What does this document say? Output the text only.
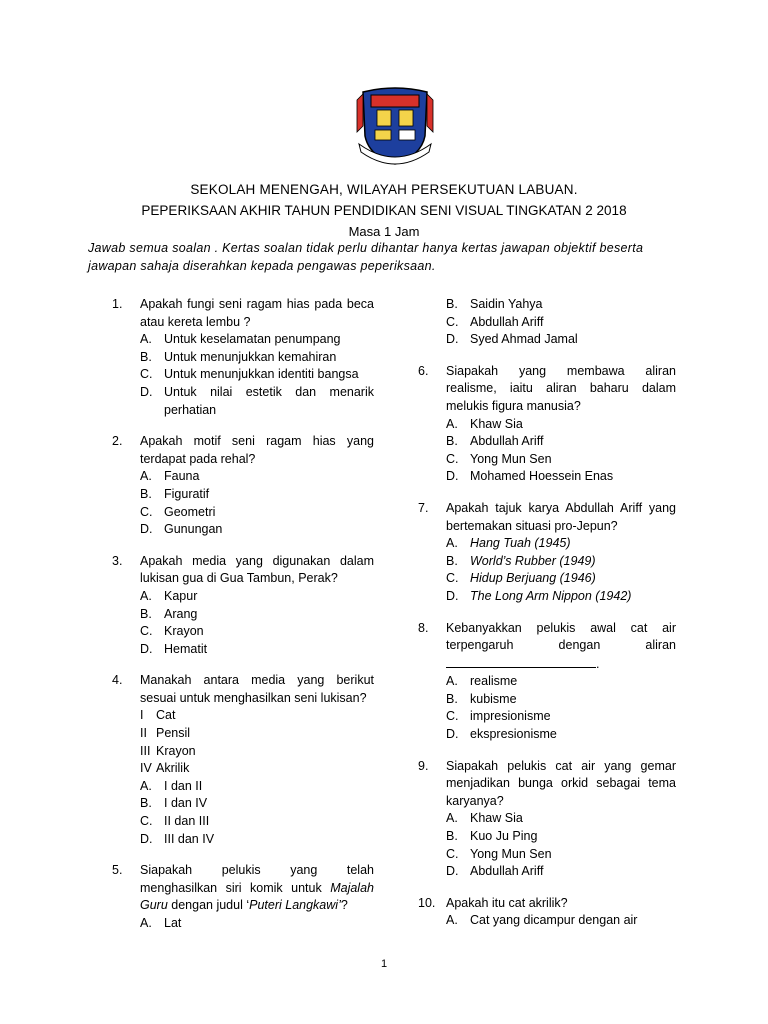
SEKOLAH MENENGAH, WILAYAH PERSEKUTUAN LABUAN.
PEPERIKSAAN AKHIR TAHUN PENDIDIKAN SENI VISUAL TINGKATAN 2 2018
Masa 1 Jam
Jawab semua soalan . Kertas soalan tidak perlu dihantar hanya kertas jawapan objektif beserta jawapan sahaja diserahkan kepada pengawas peperiksaan.
1. Apakah fungi seni ragam hias pada beca atau kereta lembu ?
A. Untuk keselamatan penumpang
B. Untuk menunjukkan kemahiran
C. Untuk menunjukkan identiti bangsa
D. Untuk nilai estetik dan menarik perhatian
2. Apakah motif seni ragam hias yang terdapat pada rehal?
A. Fauna
B. Figuratif
C. Geometri
D. Gunungan
3. Apakah media yang digunakan dalam lukisan gua di Gua Tambun, Perak?
A. Kapur
B. Arang
C. Krayon
D. Hematit
4. Manakah antara media yang berikut sesuai untuk menghasilkan seni lukisan?
I Cat
II Pensil
III Krayon
IV Akrilik
A. I dan II
B. I dan IV
C. II dan III
D. III dan IV
5. Siapakah pelukis yang telah menghasilkan siri komik untuk Majalah Guru dengan judul ‘Puteri Langkawi’?
A. Lat
B. Saidin Yahya
C. Abdullah Ariff
D. Syed Ahmad Jamal
6. Siapakah yang membawa aliran realisme, iaitu aliran baharu dalam melukis figura manusia?
A. Khaw Sia
B. Abdullah Ariff
C. Yong Mun Sen
D. Mohamed Hoessein Enas
7. Apakah tajuk karya Abdullah Ariff yang bertemakan situasi pro-Jepun?
A. Hang Tuah (1945)
B. World’s Rubber (1949)
C. Hidup Berjuang (1946)
D. The Long Arm Nippon (1942)
8. Kebanyakkan pelukis awal cat air terpengaruh dengan aliran
.
A. realisme
B. kubisme
C. impresionisme
D. ekspresionisme
9. Siapakah pelukis cat air yang gemar menjadikan bunga orkid sebagai tema karyanya?
A. Khaw Sia
B. Kuo Ju Ping
C. Yong Mun Sen
D. Abdullah Ariff
10. Apakah itu cat akrilik?
A. Cat yang dicampur dengan air
1
